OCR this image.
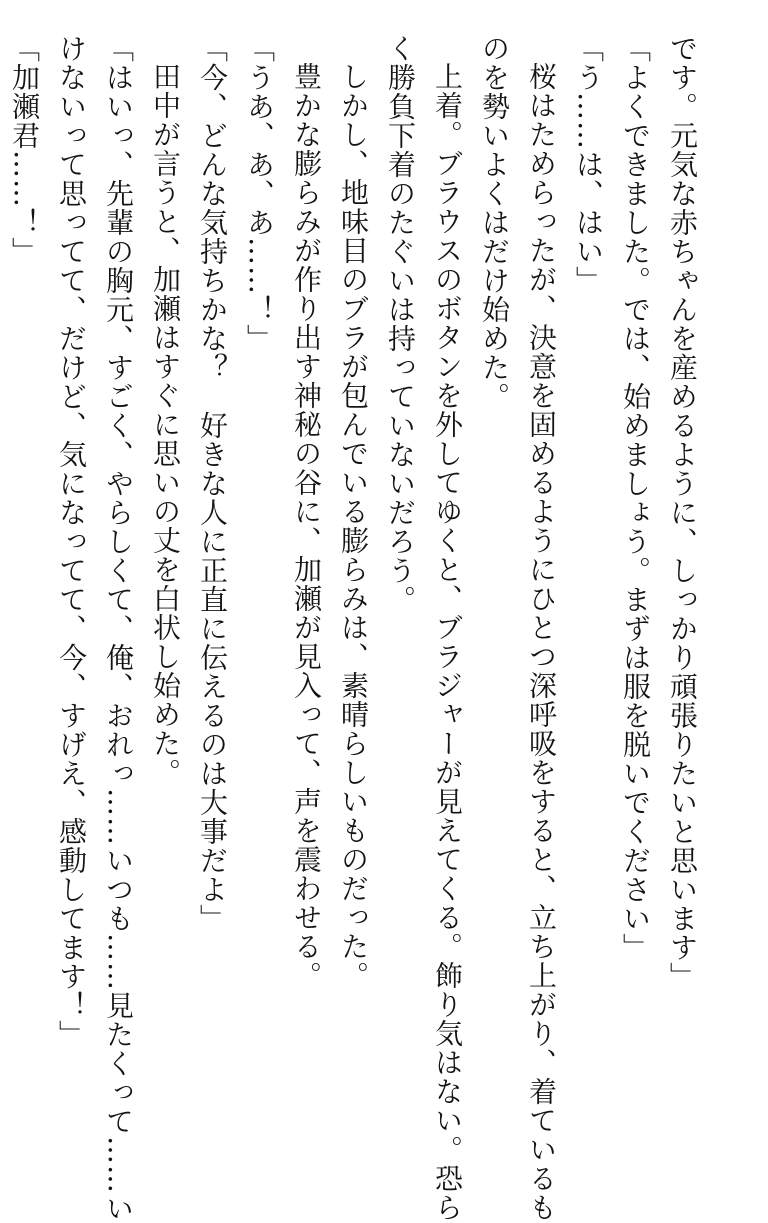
です。元気な赤ちゃんを産めるように、しっかり頑張りたいと思います」

「よくできました。では、始めましょう。まずは服を脱いでください」

「う……は、はい」

桜はためらったが、決意を固めるようにひとつ深呼吸をすると、立ち上がり、着ているも

のを勢いよくはだけ始めた。

上着。ブラウスのボタンを外してゆくと、ブラジャーが見えてくる。飾り気はない。恐ら

く勝負下着のたぐいは持っていないだろう。

しかし、地味目のブラが包んでいる膨らみは、素晴らしいものだった。

豊かな膨らみが作り出す神秘の谷に、加瀬が見入って、声を震わせる。

「うあ、あ、あ……！」

「今、どんな気持ちかな？　好きな人に正直に伝えるのは大事だよ」

田中が言うと、加瀬はすぐに思いの丈を白状し始めた。

「はいっ、先輩の胸元、すごく、やらしくて、俺、おれっ……いつも……見たくって……い

けないって思ってて、だけど、気になってて、今、すげえ、感動してます！」

「加瀬君……！」
